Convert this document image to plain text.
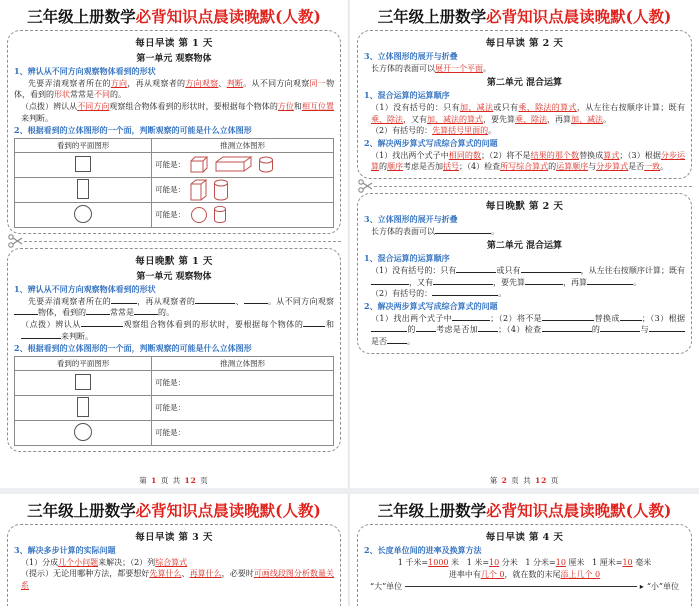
三年级上册数学必背知识点晨读晚默(人教)
每日早读 第 1 天
第一单元 观察物体
1、辨认从不同方向观察物体看到的形状
先要弄清观察者所在的方向，再从观察者的方向观察、判断。从不同方向观察同一物体，看到的形状常常是不同的。
（点拨）辨认从不同方向观察组合物体看到的形状时，要根据每个物体的方位和相互位置来判断。
2、根据看到的立体图形的一个面，判断观察的可能是什么立体图形
看到的平面图形	推测立体图形

	可能是：

	可能是：

	可能是：
每日晚默 第 1 天
第一单元 观察物体
1、辨认从不同方向观察物体看到的形状
先要弄清观察者所在的	，再从观察者的	、	。从不同方向观察物体，看到的	常常是	的。
（点拨）辨认从	观察组合物体看到的形状时，要根据每个物体的	和来判断。
2、根据看到的立体图形的一个面，判断观察的可能是什么立体图形
看到的平面图形	推测立体图形
	可能是：
	可能是：
	可能是：
第 1 页 共 12 页
三年级上册数学必背知识点晨读晚默(人教)
每日早读 第 2 天
3、立体图形的展开与折叠
长方体的表面可以展开一个平面。
第二单元 混合运算
1、混合运算的运算顺序
（1）没有括号的：只有加、减法或只有乘、除法的算式，从左往右按顺序计算；既有乘、除法，又有加、减法的算式，要先算乘、除法，再算加、减法。
（2）有括号的：先算括号里面的。
2、解决两步算式写成综合算式的问题
（1）找出两个式子中相同的数；（2）将不是结果的那个数替换成算式；（3）根据分步运算的顺序考虑是否加括号；（4）检查所写综合算式的运算顺序与分步算式是否一致。
每日晚默 第 2 天
3、立体图形的展开与折叠
长方体的表面可以	。
第二单元 混合运算
1、混合运算的运算顺序
（1）没有括号的：只有	或只有	，从左往右按顺序计算；既有，又有	，要先算	，再算	。
（2）有括号的：	。
2、解决两步算式写成综合算式的问题
（1）找出两个式子中	；（2）将不是	替换成	；（3）根据的	考虑是否加	；（4）检查	的	与是否	。
第 2 页 共 12 页
三年级上册数学必背知识点晨读晚默(人教)
每日早读 第 3 天
3、解决多步计算的实际问题
（1）分成几个小问题来解决；（2）列综合算式
（提示）无论用哪种方法，都要想好先算什么、再算什么，必要时可画线段图分析数量关系
三年级上册数学必背知识点晨读晚默(人教)
每日早读 第 4 天
2、长度单位间的进率及换算方法
1 千米=1000 米 1 米=10 分米 1 分米=10 厘米 1 厘米=10 毫米
进率中有几个 0，就在数的末尾添上几个 0
“大”单位	▸ “小”单位
